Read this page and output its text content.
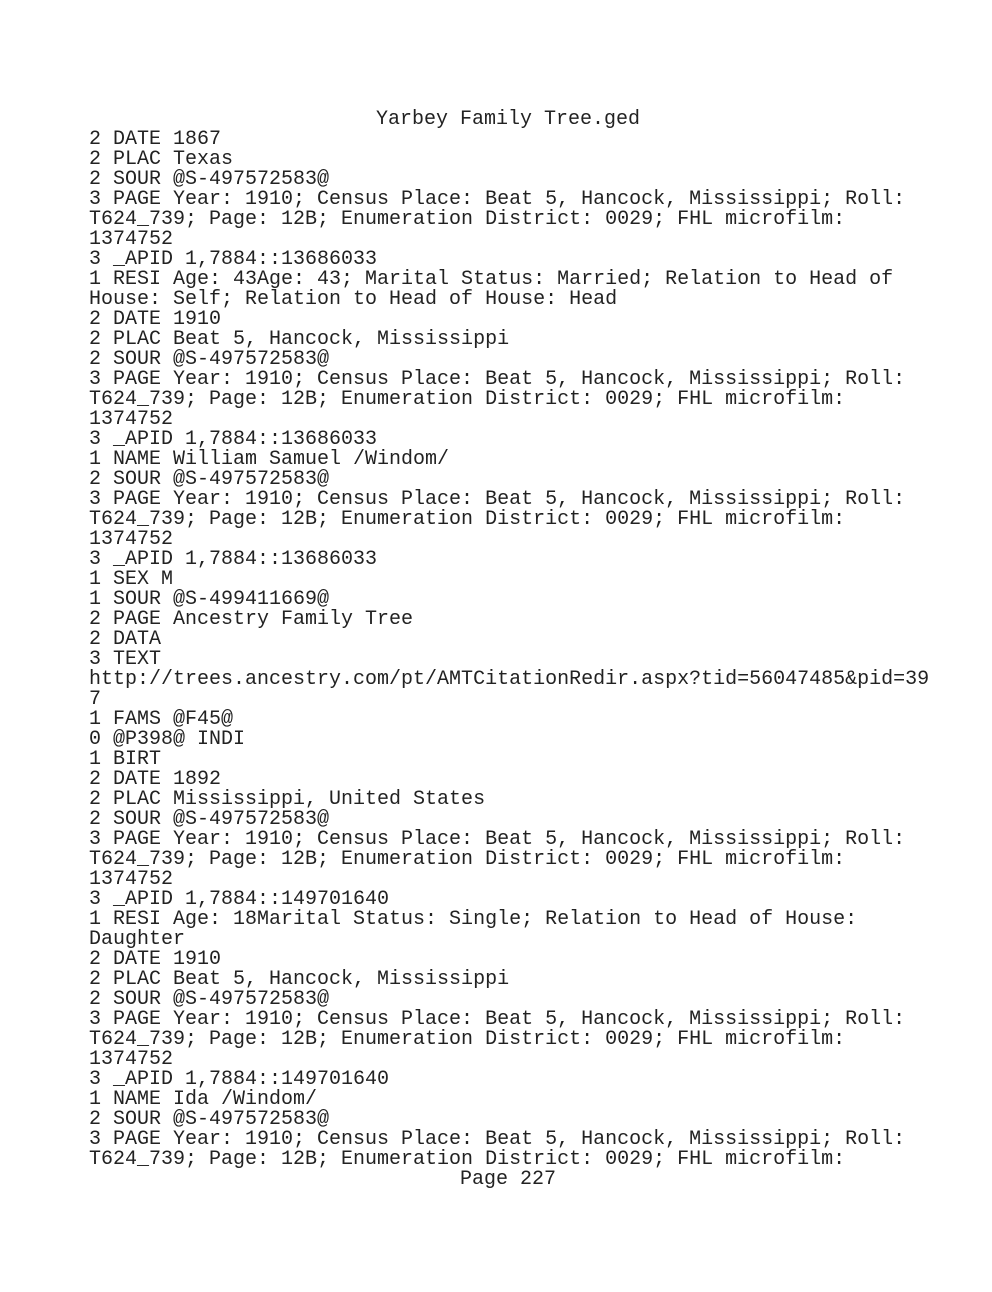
Yarbey Family Tree.ged
2 DATE 1867
2 PLAC Texas
2 SOUR @S-497572583@
3 PAGE Year: 1910; Census Place: Beat 5, Hancock, Mississippi; Roll:
T624_739; Page: 12B; Enumeration District: 0029; FHL microfilm:
1374752
3 _APID 1,7884::13686033
1 RESI Age: 43Age: 43; Marital Status: Married; Relation to Head of
House: Self; Relation to Head of House: Head
2 DATE 1910
2 PLAC Beat 5, Hancock, Mississippi
2 SOUR @S-497572583@
3 PAGE Year: 1910; Census Place: Beat 5, Hancock, Mississippi; Roll:
T624_739; Page: 12B; Enumeration District: 0029; FHL microfilm:
1374752
3 _APID 1,7884::13686033
1 NAME William Samuel /Windom/
2 SOUR @S-497572583@
3 PAGE Year: 1910; Census Place: Beat 5, Hancock, Mississippi; Roll:
T624_739; Page: 12B; Enumeration District: 0029; FHL microfilm:
1374752
3 _APID 1,7884::13686033
1 SEX M
1 SOUR @S-499411669@
2 PAGE Ancestry Family Tree
2 DATA
3 TEXT
http://trees.ancestry.com/pt/AMTCitationRedir.aspx?tid=56047485&pid=39
7
1 FAMS @F45@
0 @P398@ INDI
1 BIRT
2 DATE 1892
2 PLAC Mississippi, United States
2 SOUR @S-497572583@
3 PAGE Year: 1910; Census Place: Beat 5, Hancock, Mississippi; Roll:
T624_739; Page: 12B; Enumeration District: 0029; FHL microfilm:
1374752
3 _APID 1,7884::149701640
1 RESI Age: 18Marital Status: Single; Relation to Head of House:
Daughter
2 DATE 1910
2 PLAC Beat 5, Hancock, Mississippi
2 SOUR @S-497572583@
3 PAGE Year: 1910; Census Place: Beat 5, Hancock, Mississippi; Roll:
T624_739; Page: 12B; Enumeration District: 0029; FHL microfilm:
1374752
3 _APID 1,7884::149701640
1 NAME Ida /Windom/
2 SOUR @S-497572583@
3 PAGE Year: 1910; Census Place: Beat 5, Hancock, Mississippi; Roll:
T624_739; Page: 12B; Enumeration District: 0029; FHL microfilm:
Page 227
